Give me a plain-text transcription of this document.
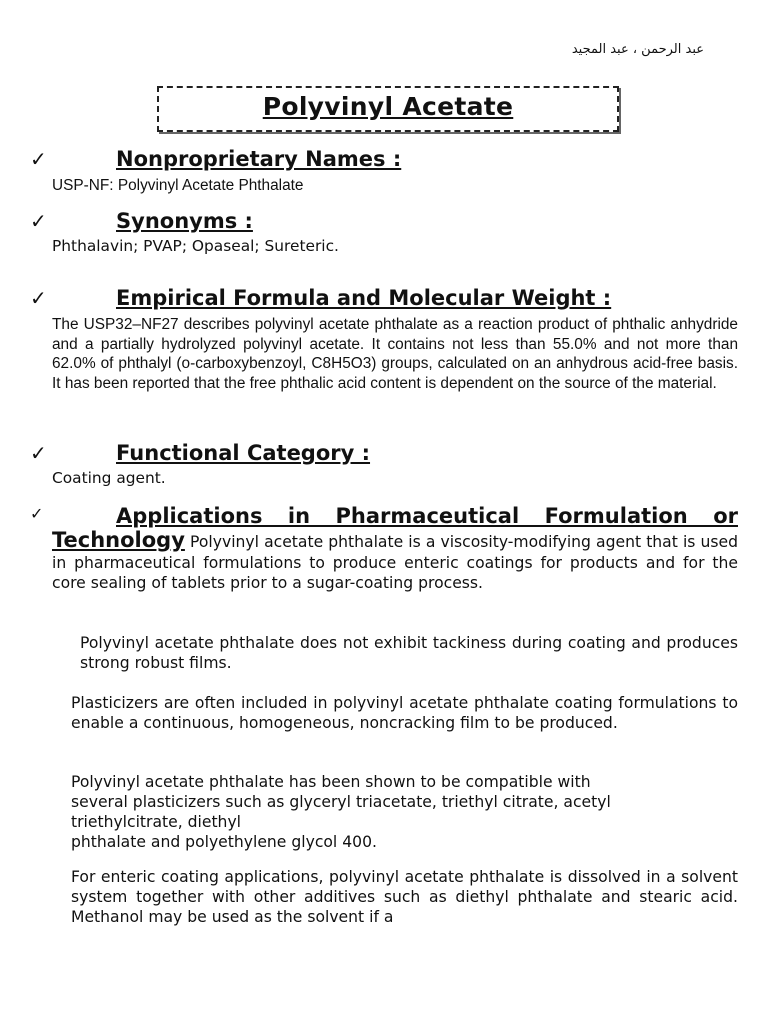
عبد الرحمن ، عبد المجيد
Polyvinyl Acetate
✓	Nonproprietary Names :
USP-NF: Polyvinyl Acetate Phthalate
✓	Synonyms :
Phthalavin; PVAP; Opaseal; Sureteric.
✓	Empirical Formula and Molecular Weight :
The USP32–NF27 describes polyvinyl acetate phthalate as a reaction product of phthalic anhydride and a partially hydrolyzed polyvinyl acetate. It contains not less than 55.0% and not more than 62.0% of phthalyl (o-carboxybenzoyl, C8H5O3) groups, calculated on an anhydrous acid-free basis. It has been reported that the free phthalic acid content is dependent on the source of the material.
✓	Functional Category :
Coating agent.
✓	Applications in Pharmaceutical Formulation or
Technology Polyvinyl acetate phthalate is a viscosity-modifying agent that is used in pharmaceutical formulations to produce enteric coatings for products and for the core sealing of tablets prior to a sugar-coating process.
Polyvinyl acetate phthalate does not exhibit tackiness during coating and produces strong robust films.
Plasticizers are often included in polyvinyl acetate phthalate coating formulations to enable a continuous, homogeneous, noncracking film to be produced.
Polyvinyl acetate phthalate has been shown to be compatible with
several plasticizers such as glyceryl triacetate, triethyl citrate, acetyl
triethylcitrate, diethyl
phthalate and polyethylene glycol 400.
For enteric coating applications, polyvinyl acetate phthalate is dissolved in a solvent system together with other additives such as diethyl phthalate and stearic acid. Methanol may be used as the solvent if a
